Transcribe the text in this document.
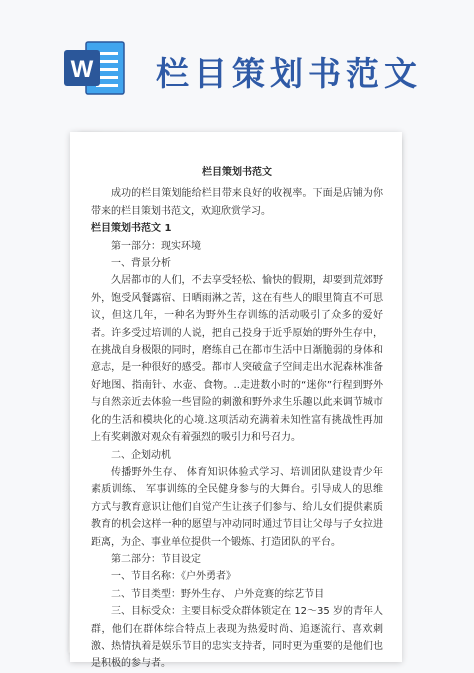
W 栏目策划书范文

栏目策划书范文

成功的栏目策划能给栏目带来良好的收视率。下面是店铺为你带来的栏目策划书范文，欢迎欣赏学习。

栏目策划书范文 1

第一部分：现实环境

一、背景分析

久居都市的人们，不去享受轻松、愉快的假期，却要到荒郊野外，饱受风餐露宿、日晒雨淋之苦，这在有些人的眼里简直不可思议，但这几年，一种名为野外生存训练的活动吸引了众多的爱好者。许多受过培训的人说，把自己投身于近乎原始的野外生存中，在挑战自身极限的同时，磨练自己在都市生活中日渐脆弱的身体和意志，是一种很好的感受。都市人突破盒子空间走出水泥森林准备好地图、指南针、水壶、食物。..走进数小时的“迷你”行程到野外与自然亲近去体验一些冒险的刺激和野外求生乐趣以此来调节城市化的生活和模块化的心境.这项活动充满着未知性富有挑战性再加上有奖刺激对观众有着强烈的吸引力和号召力。

二、企划动机

传播野外生存、 体育知识体验式学习、培训团队建设青少年素质训练、 军事训练的全民健身参与的大舞台。引导成人的思维方式与教育意识让他们自觉产生让孩子们参与、给儿女们提供素质教育的机会这样一种的愿望与冲动同时通过节目让父母与子女拉进距离，为企、事业单位提供一个锻炼、打造团队的平台。

第二部分：节目设定

一、节目名称：《户外勇者》

二、节目类型：野外生存、 户外竞赛的综艺节目

三、目标受众：主要目标受众群体锁定在 12～35 岁的青年人群，他们在群体综合特点上表现为热爱时尚、追逐流行、喜欢刺激、热情执着是娱乐节目的忠实支持者，同时更为重要的是他们也是积极的参与者。
